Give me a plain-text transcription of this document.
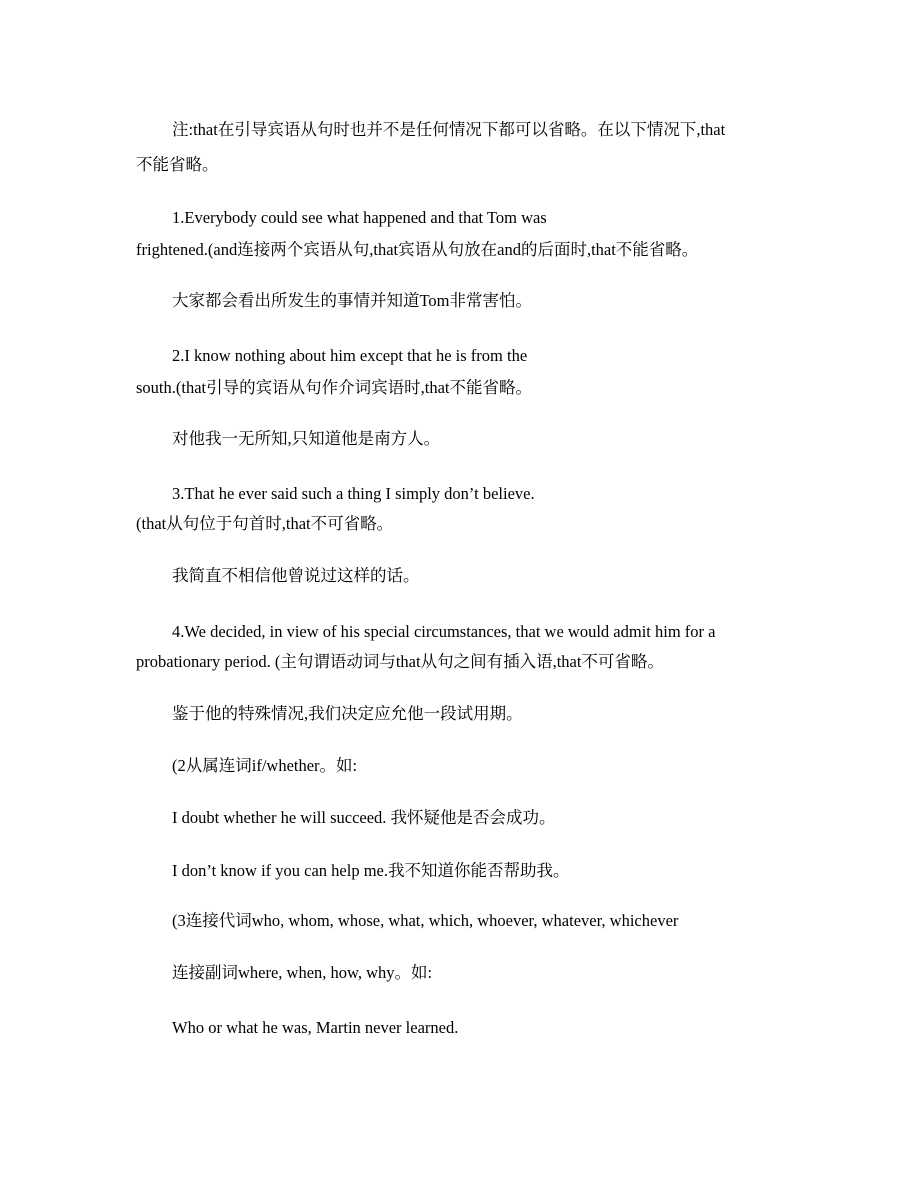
注:that在引导宾语从句时也并不是任何情况下都可以省略。在以下情况下,that
不能省略。
1.Everybody could see what happened and that Tom was
frightened.(and连接两个宾语从句,that宾语从句放在and的后面时,that不能省略。
大家都会看出所发生的事情并知道Tom非常害怕。
2.I know nothing about him except that he is from the
south.(that引导的宾语从句作介词宾语时,that不能省略。
对他我一无所知,只知道他是南方人。
3.That he ever said such a thing I simply don’t believe.
(that从句位于句首时,that不可省略。
我简直不相信他曾说过这样的话。
4.We decided, in view of his special circumstances, that we would admit him for a
probationary period. (主句谓语动词与that从句之间有插入语,that不可省略。
鉴于他的特殊情况,我们决定应允他一段试用期。
(2从属连词if/whether。如:
I doubt whether he will succeed. 我怀疑他是否会成功。
I don’t know if you can help me.我不知道你能否帮助我。
(3连接代词who, whom, whose, what, which, whoever, whatever, whichever
连接副词where, when, how, why。如:
Who or what he was, Martin never learned.
